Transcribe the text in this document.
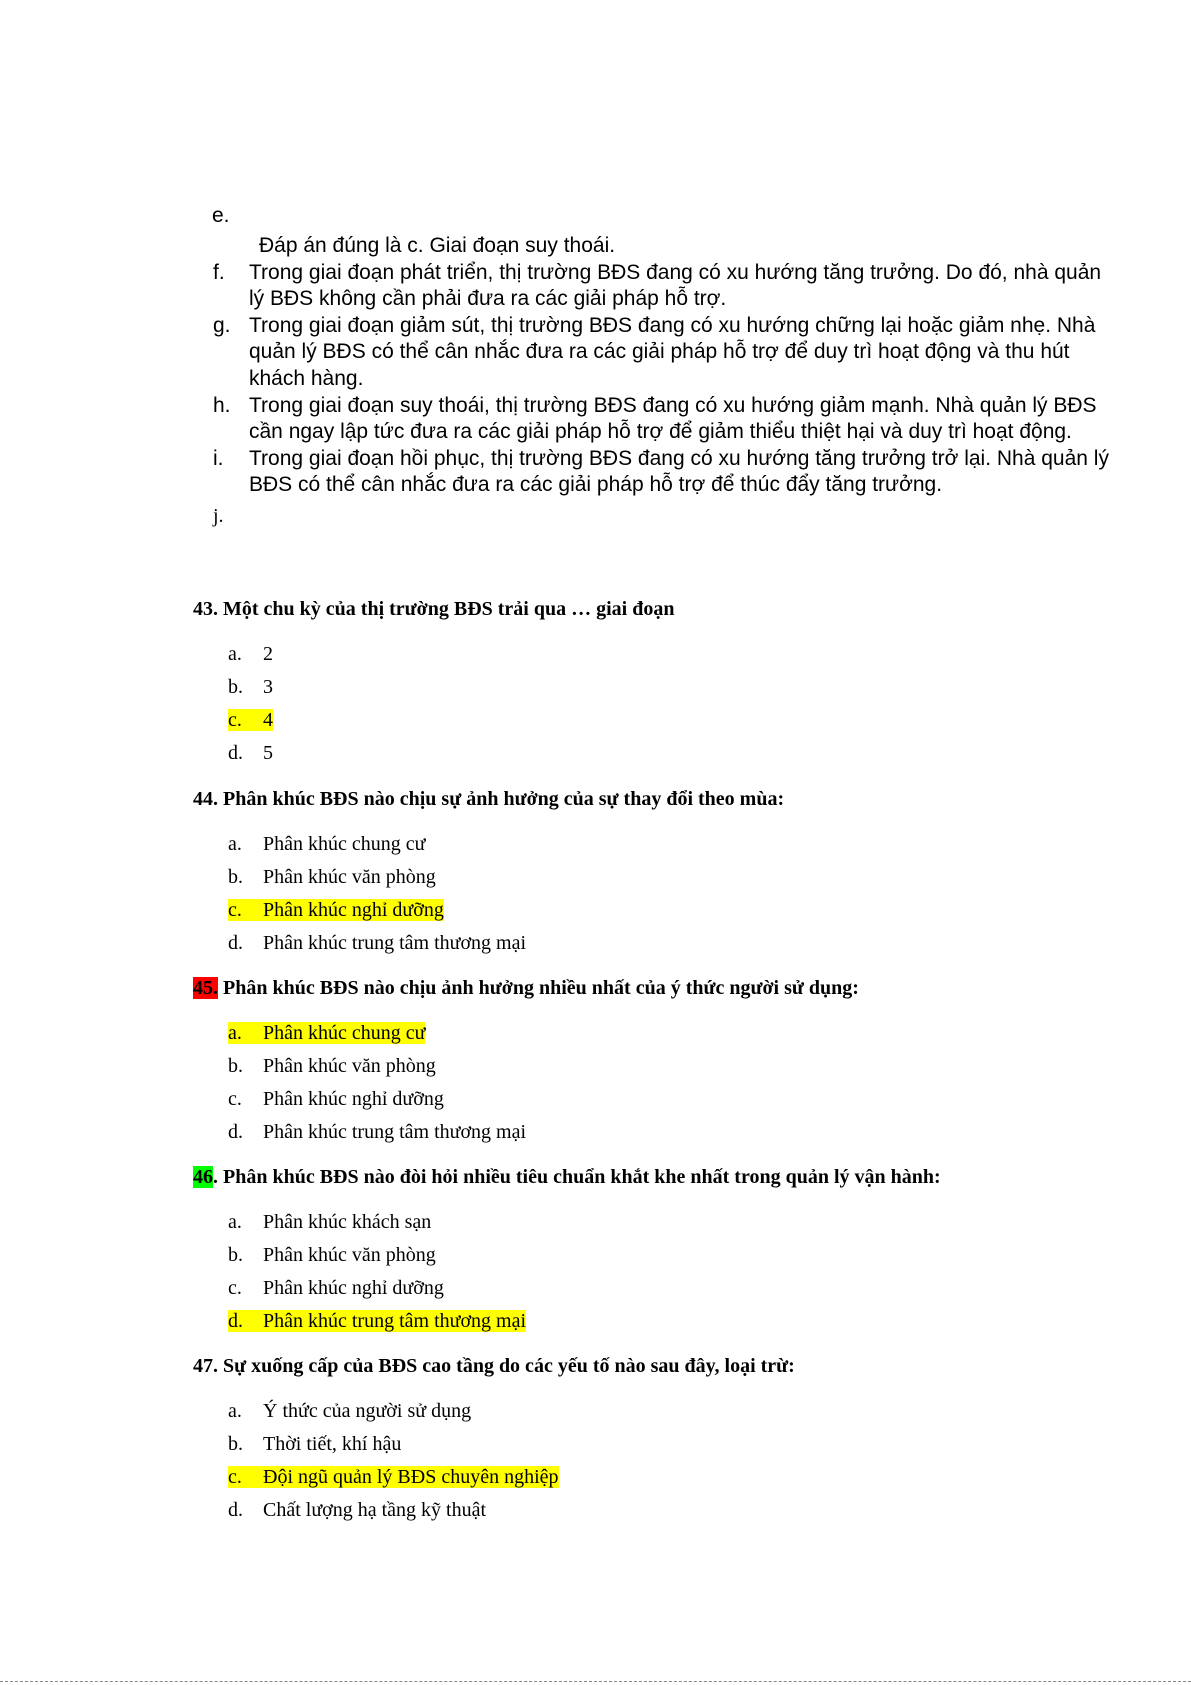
e.
Đáp án đúng là c. Giai đoạn suy thoái.
f. Trong giai đoạn phát triển, thị trường BĐS đang có xu hướng tăng trưởng. Do đó, nhà quản lý BĐS không cần phải đưa ra các giải pháp hỗ trợ.
g. Trong giai đoạn giảm sút, thị trường BĐS đang có xu hướng chững lại hoặc giảm nhẹ. Nhà quản lý BĐS có thể cân nhắc đưa ra các giải pháp hỗ trợ để duy trì hoạt động và thu hút khách hàng.
h. Trong giai đoạn suy thoái, thị trường BĐS đang có xu hướng giảm mạnh. Nhà quản lý BĐS cần ngay lập tức đưa ra các giải pháp hỗ trợ để giảm thiểu thiệt hại và duy trì hoạt động.
i. Trong giai đoạn hồi phục, thị trường BĐS đang có xu hướng tăng trưởng trở lại. Nhà quản lý BĐS có thể cân nhắc đưa ra các giải pháp hỗ trợ để thúc đẩy tăng trưởng.
j.
43. Một chu kỳ của thị trường BĐS trải qua … giai đoạn
a. 2
b. 3
c. 4
d. 5
44. Phân khúc BĐS nào chịu sự ảnh hưởng của sự thay đổi theo mùa:
a. Phân khúc chung cư
b. Phân khúc văn phòng
c. Phân khúc nghỉ dưỡng
d. Phân khúc trung tâm thương mại
45. Phân khúc BĐS nào chịu ảnh hưởng nhiều nhất của ý thức người sử dụng:
a. Phân khúc chung cư
b. Phân khúc văn phòng
c. Phân khúc nghỉ dưỡng
d. Phân khúc trung tâm thương mại
46. Phân khúc BĐS nào đòi hỏi nhiều tiêu chuẩn khắt khe nhất trong quản lý vận hành:
a. Phân khúc khách sạn
b. Phân khúc văn phòng
c. Phân khúc nghỉ dưỡng
d. Phân khúc trung tâm thương mại
47. Sự xuống cấp của BĐS cao tầng do các yếu tố nào sau đây, loại trừ:
a. Ý thức của người sử dụng
b. Thời tiết, khí hậu
c. Đội ngũ quản lý BĐS chuyên nghiệp
d. Chất lượng hạ tầng kỹ thuật
